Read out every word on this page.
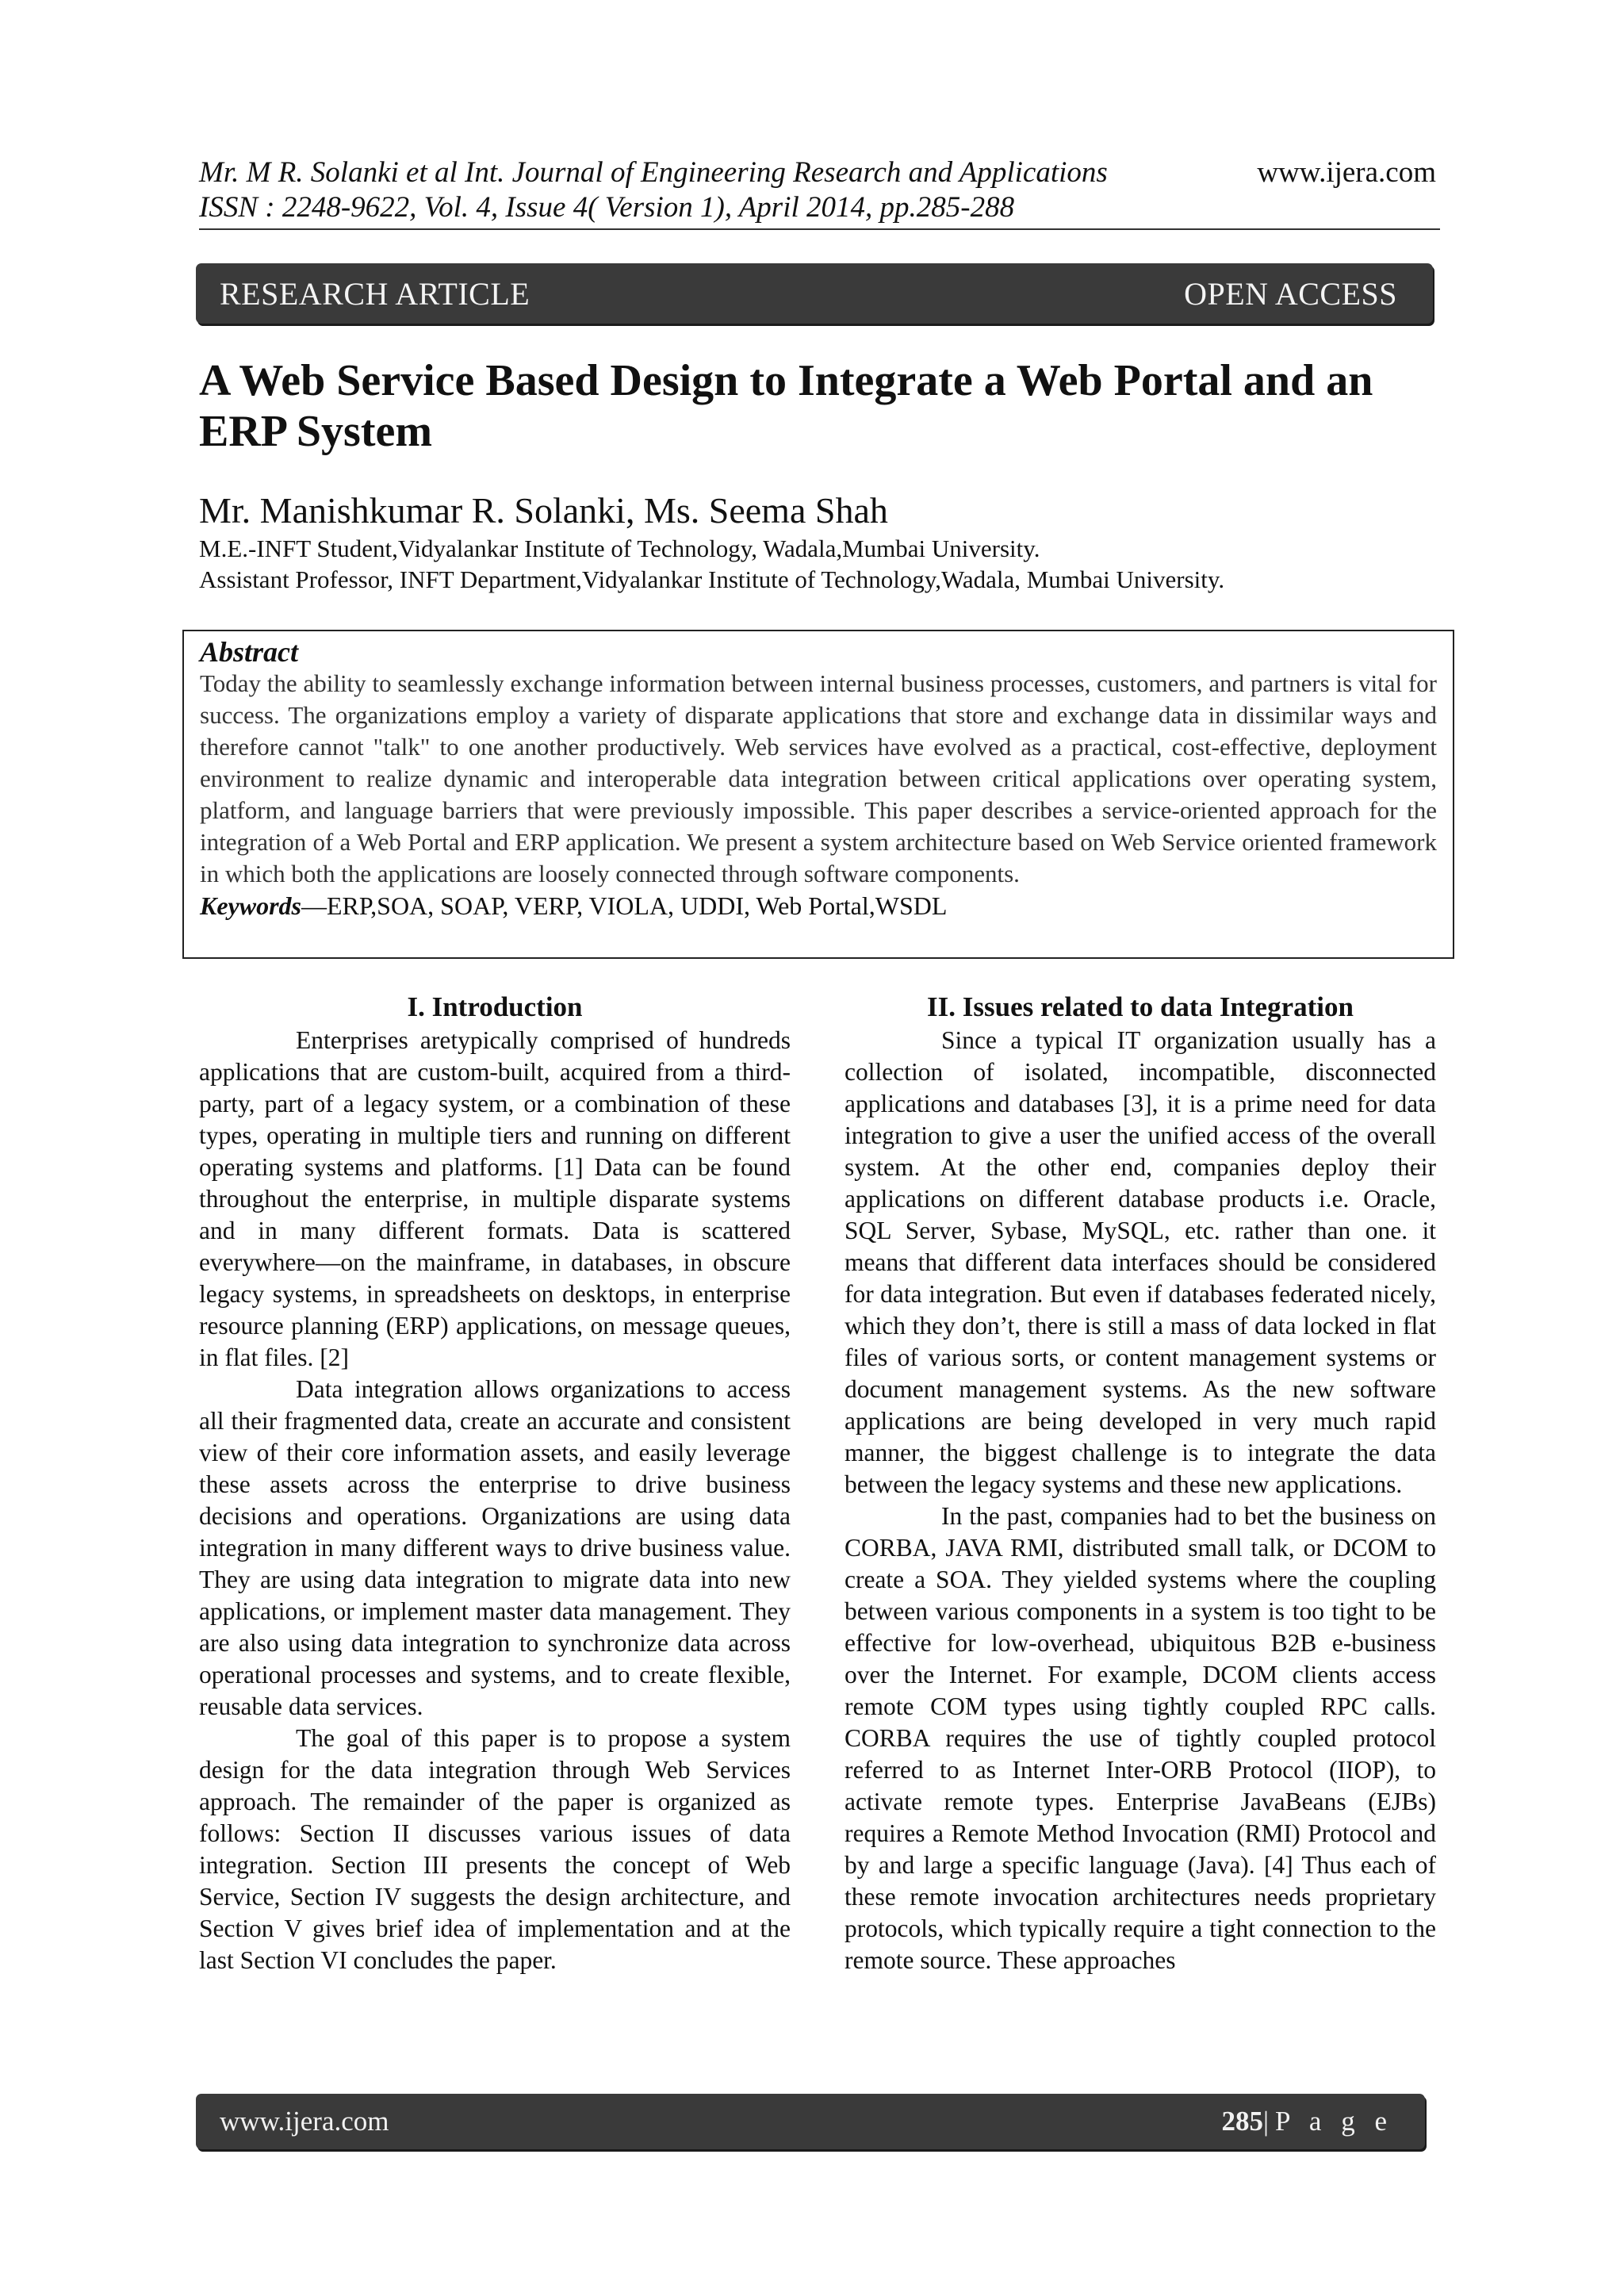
Mr. M R. Solanki et al Int. Journal of Engineering Research and Applications	www.ijera.com
ISSN : 2248-9622, Vol. 4, Issue 4( Version 1), April 2014, pp.285-288
RESEARCH ARTICLE	OPEN ACCESS
A Web Service Based Design to Integrate a Web Portal and an ERP System
Mr. Manishkumar R. Solanki, Ms. Seema Shah
M.E.-INFT Student,Vidyalankar Institute of Technology, Wadala,Mumbai University.
Assistant Professor, INFT Department,Vidyalankar Institute of Technology,Wadala, Mumbai University.
Abstract
Today the ability to seamlessly exchange information between internal business processes, customers, and partners is vital for success. The organizations employ a variety of disparate applications that store and exchange data in dissimilar ways and therefore cannot "talk" to one another productively. Web services have evolved as a practical, cost-effective, deployment environment to realize dynamic and interoperable data integration between critical applications over operating system, platform, and language barriers that were previously impossible. This paper describes a service-oriented approach for the integration of a Web Portal and ERP application. We present a system architecture based on Web Service oriented framework in which both the applications are loosely connected through software components.
Keywords—ERP,SOA, SOAP, VERP, VIOLA, UDDI, Web Portal,WSDL
I. Introduction

Enterprises aretypically comprised of hundreds applications that are custom-built, acquired from a third-party, part of a legacy system, or a combination of these types, operating in multiple tiers and running on different operating systems and platforms. [1] Data can be found throughout the enterprise, in multiple disparate systems and in many different formats. Data is scattered everywhere—on the mainframe, in databases, in obscure legacy systems, in spreadsheets on desktops, in enterprise resource planning (ERP) applications, on message queues, in flat files. [2]

Data integration allows organizations to access all their fragmented data, create an accurate and consistent view of their core information assets, and easily leverage these assets across the enterprise to drive business decisions and operations. Organizations are using data integration in many different ways to drive business value. They are using data integration to migrate data into new applications, or implement master data management. They are also using data integration to synchronize data across operational processes and systems, and to create flexible, reusable data services.

The goal of this paper is to propose a system design for the data integration through Web Services approach. The remainder of the paper is organized as follows: Section II discusses various issues of data integration. Section III presents the concept of Web Service, Section IV suggests the design architecture, and Section V gives brief idea of implementation and at the last Section VI concludes the paper.

II. Issues related to data Integration

Since a typical IT organization usually has a collection of isolated, incompatible, disconnected applications and databases [3], it is a prime need for data integration to give a user the unified access of the overall system. At the other end, companies deploy their applications on different database products i.e. Oracle, SQL Server, Sybase, MySQL, etc. rather than one. it means that different data interfaces should be considered for data integration. But even if databases federated nicely, which they don’t, there is still a mass of data locked in flat files of various sorts, or content management systems or document management systems. As the new software applications are being developed in very much rapid manner, the biggest challenge is to integrate the data between the legacy systems and these new applications.

In the past, companies had to bet the business on CORBA, JAVA RMI, distributed small talk, or DCOM to create a SOA. They yielded systems where the coupling between various components in a system is too tight to be effective for low-overhead, ubiquitous B2B e-business over the Internet. For example, DCOM clients access remote COM types using tightly coupled RPC calls. CORBA requires the use of tightly coupled protocol referred to as Internet Inter-ORB Protocol (IIOP), to activate remote types. Enterprise JavaBeans (EJBs) requires a Remote Method Invocation (RMI) Protocol and by and large a specific language (Java). [4] Thus each of these remote invocation architectures needs proprietary protocols, which typically require a tight connection to the remote source. These approaches

www.ijera.com	285|P a g e
